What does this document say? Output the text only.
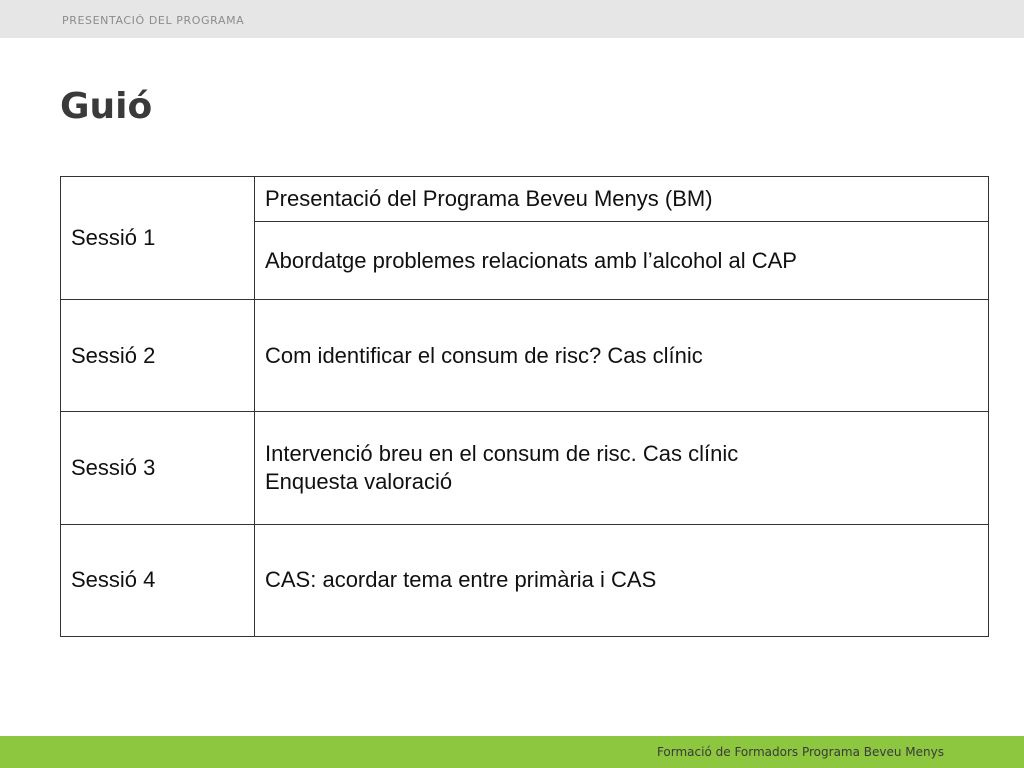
PRESENTACIÓ DEL PROGRAMA
Guió
Sessió 1	Presentació del Programa Beveu Menys (BM)
	Abordatge problemes relacionats amb l’alcohol al CAP
Sessió 2	Com identificar el consum de risc? Cas clínic
Sessió 3	Intervenció breu en el consum de risc. Cas clínic
Enquesta valoració

Sessió 4	CAS: acordar tema entre primària i CAS
Formació de Formadors Programa Beveu Menys
